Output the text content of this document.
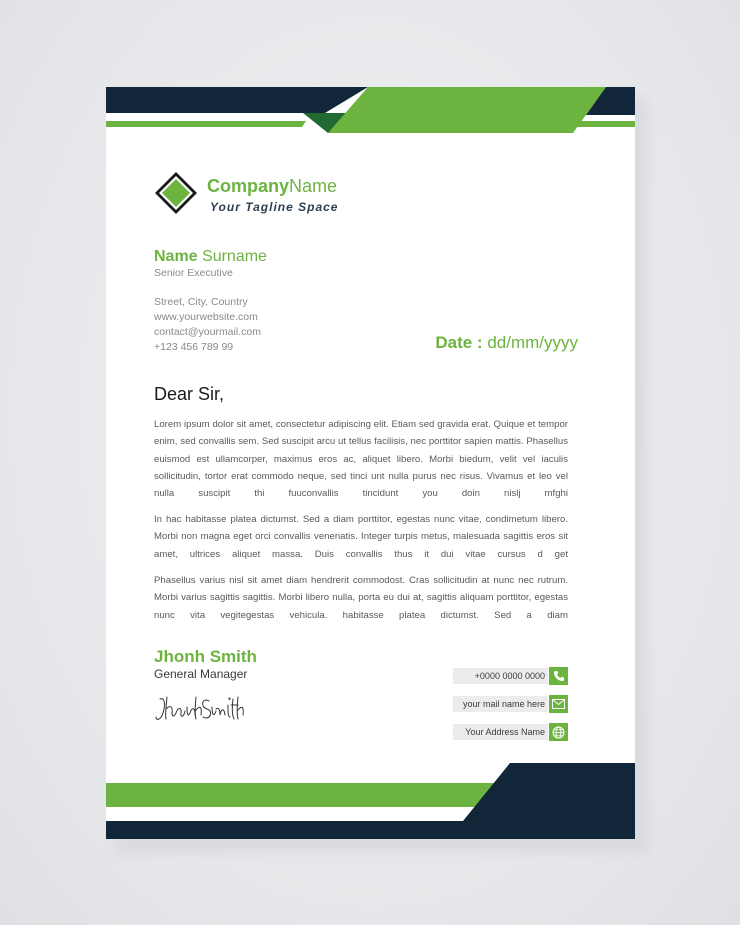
CompanyName
Your Tagline Space
Name Surname
Senior Executive
Street, City, Country
www.yourwebsite.com
contact@yourmail.com
+123 456 789 99	Date : dd/mm/yyyy
Dear Sir,
Lorem ipsum dolor sit amet, consectetur adipiscing elit. Etiam sed gravida erat. Quique et tempor enim, sed convallis sem. Sed suscipit arcu ut tellus facilisis, nec porttitor sapien mattis. Phasellus euismod est ullamcorper, maximus eros ac, aliquet libero. Morbi biedum, velit vel iaculis sollicitudin, tortor erat commodo neque, sed tinci unt nulla purus nec risus. Vivamus et leo vel nulla suscipit thi fuuconvallis tincidunt you doin nislj mfghi
In hac habitasse platea dictumst. Sed a diam porttitor, egestas nunc vitae, condimetum libero. Morbi non magna eget orci convallis venenatis. Integer turpis metus, malesuada sagittis eros sit amet, ultrices aliquet massa. Duis convallis thus it dui vitae cursus d get
Phasellus varius nisl sit amet diam hendrerit commodost. Cras sollicitudin at nunc nec rutrum. Morbi varius sagittis sagittis. Morbi libero nulla, porta eu dui at, sagittis aliquam porttitor, egestas nunc vita vegitegestas vehicula. habitasse platea dictumst. Sed a diam
Jhonh Smith
General Manager	+0000 0000 0000
your mail name here
Your Address Name
